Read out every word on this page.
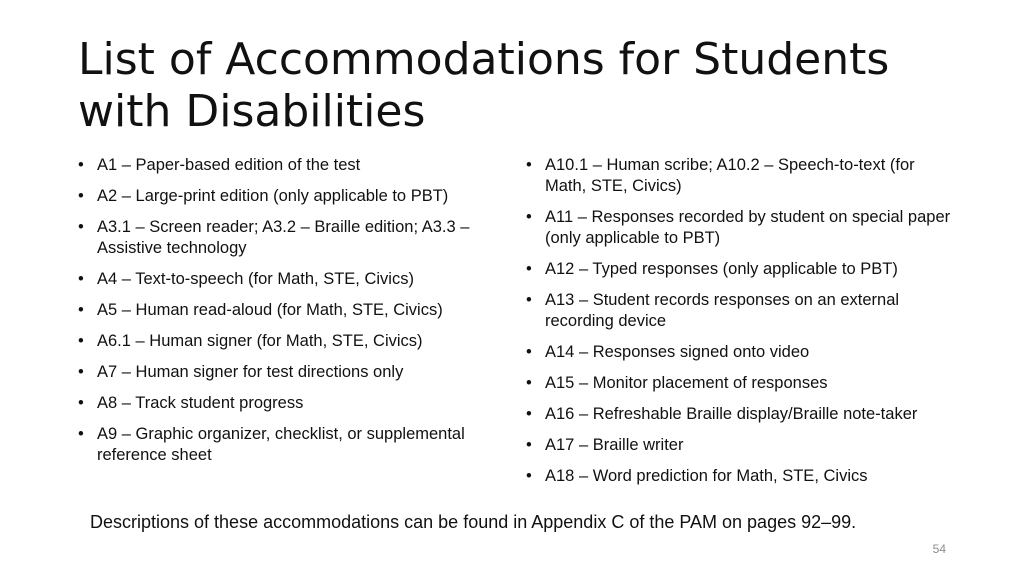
List of Accommodations for Students with Disabilities
• A1 – Paper-based edition of the test
• A2 – Large-print edition (only applicable to PBT)
• A3.1 – Screen reader; A3.2 – Braille edition; A3.3 – Assistive technology
• A4 – Text-to-speech (for Math, STE, Civics)
• A5 – Human read-aloud (for Math, STE, Civics)
• A6.1 – Human signer (for Math, STE, Civics)
• A7 – Human signer for test directions only
• A8 – Track student progress
• A9 – Graphic organizer, checklist, or supplemental reference sheet
• A10.1 – Human scribe; A10.2 – Speech-to-text (for Math, STE, Civics)
• A11 – Responses recorded by student on special paper (only applicable to PBT)
• A12 – Typed responses (only applicable to PBT)
• A13 – Student records responses on an external recording device
• A14 – Responses signed onto video
• A15 – Monitor placement of responses
• A16 – Refreshable Braille display/Braille note-taker
• A17 – Braille writer
• A18 – Word prediction for Math, STE, Civics

Descriptions of these accommodations can be found in Appendix C of the PAM on pages 92–99.

54
